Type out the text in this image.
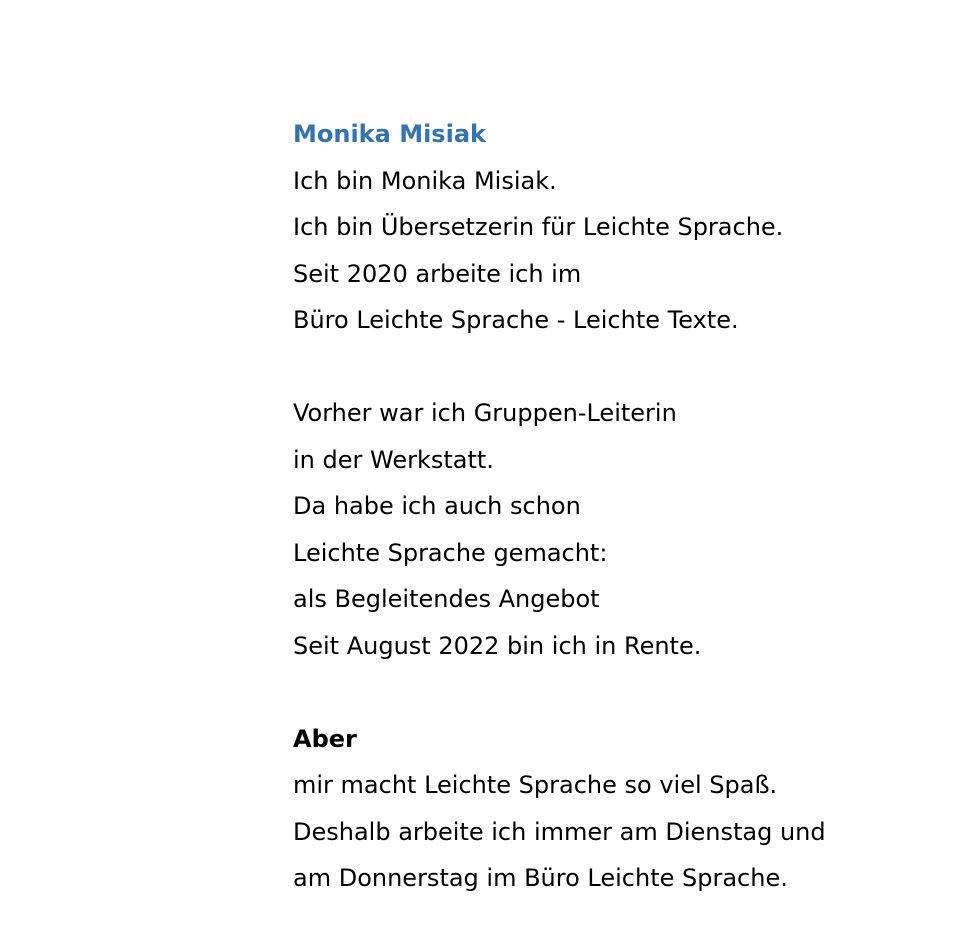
Monika Misiak
Ich bin Monika Misiak.
Ich bin Übersetzerin für Leichte Sprache.
Seit 2020 arbeite ich im
Büro Leichte Sprache - Leichte Texte.
Vorher war ich Gruppen-Leiterin
in der Werkstatt.
Da habe ich auch schon
Leichte Sprache gemacht:
als Begleitendes Angebot
Seit August 2022 bin ich in Rente.
Aber
mir macht Leichte Sprache so viel Spaß.
Deshalb arbeite ich immer am Dienstag und
am Donnerstag im Büro Leichte Sprache.
